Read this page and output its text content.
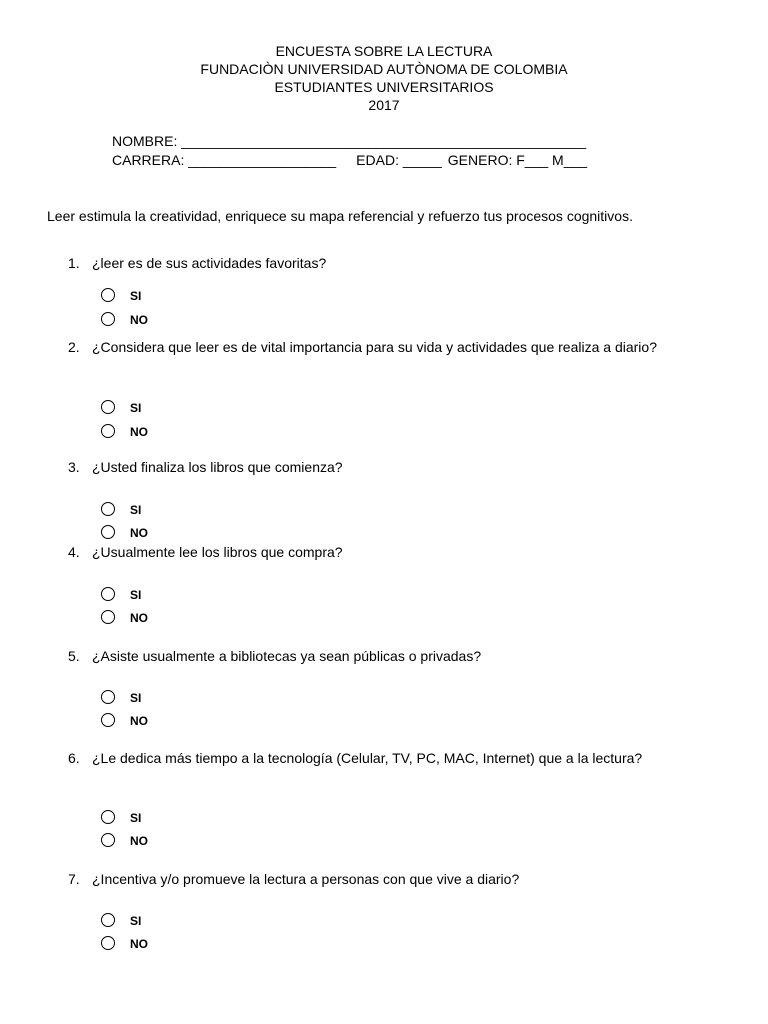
ENCUESTA SOBRE LA LECTURA
FUNDACIÒN UNIVERSIDAD AUTÒNOMA DE COLOMBIA
ESTUDIANTES UNIVERSITARIOS
2017
NOMBRE: ____________________________________________________
CARRERA: ___________________ EDAD: _____ GENERO: F___ M___
Leer estimula la creatividad, enriquece su mapa referencial y refuerzo tus procesos cognitivos.
1. ¿leer es de sus actividades favoritas?
SI
NO
2. ¿Considera que leer es de vital importancia para su vida y actividades que realiza a diario?
SI
NO
3. ¿Usted finaliza los libros que comienza?
SI
NO
4. ¿Usualmente lee los libros que compra?
SI
NO
5. ¿Asiste usualmente a bibliotecas ya sean públicas o privadas?
SI
NO
6. ¿Le dedica más tiempo a la tecnología (Celular, TV, PC, MAC, Internet) que a la lectura?
SI
NO
7. ¿Incentiva y/o promueve la lectura a personas con que vive a diario?
SI
NO
